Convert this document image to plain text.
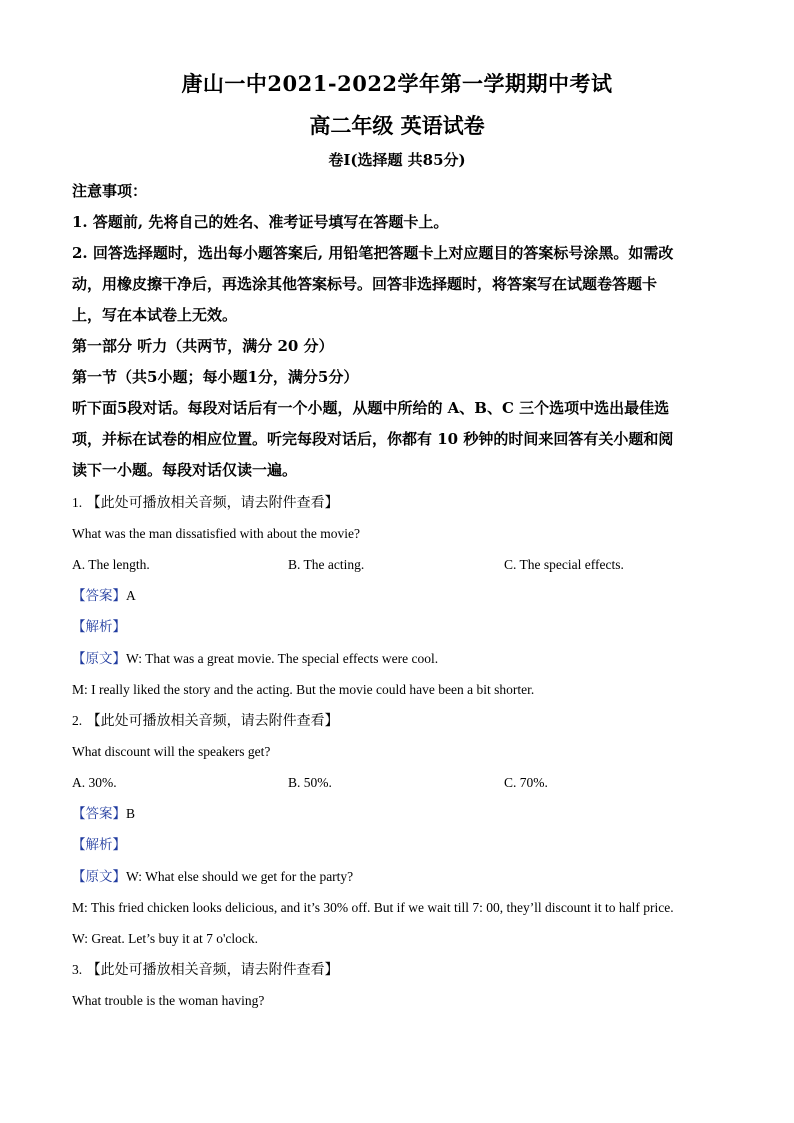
唐山一中2021-2022学年第一学期期中考试
高二年级 英语试卷
卷Ⅰ(选择题 共85分)
注意事项：
1. 答题前, 先将自己的姓名、准考证号填写在答题卡上。
2. 回答选择题时，选出每小题答案后, 用铅笔把答题卡上对应题目的答案标号涂黑。如需改
动，用橡皮擦干净后，再选涂其他答案标号。回答非选择题时，将答案写在试题卷答题卡
上，写在本试卷上无效。
第一部分 听力（共两节，满分 20 分）
第一节（共5小题；每小题1分，满分5分）
听下面5段对话。每段对话后有一个小题，从题中所给的 A、B、C 三个选项中选出最佳选
项，并标在试卷的相应位置。听完每段对话后，你都有 10 秒钟的时间来回答有关小题和阅
读下一小题。每段对话仅读一遍。
1. 【此处可播放相关音频，请去附件查看】
What was the man dissatisfied with about the movie?
A. The length.	B. The acting.	C. The special effects.
【答案】A
【解析】
【原文】W: That was a great movie. The special effects were cool.
M: I really liked the story and the acting. But the movie could have been a bit shorter.
2. 【此处可播放相关音频，请去附件查看】
What discount will the speakers get?
A. 30%.	B. 50%.	C. 70%.
【答案】B
【解析】
【原文】W: What else should we get for the party?
M: This fried chicken looks delicious, and it’s 30% off. But if we wait till 7: 00, they’ll discount it to half price.
W: Great. Let’s buy it at 7 o'clock.
3. 【此处可播放相关音频，请去附件查看】
What trouble is the woman having?
